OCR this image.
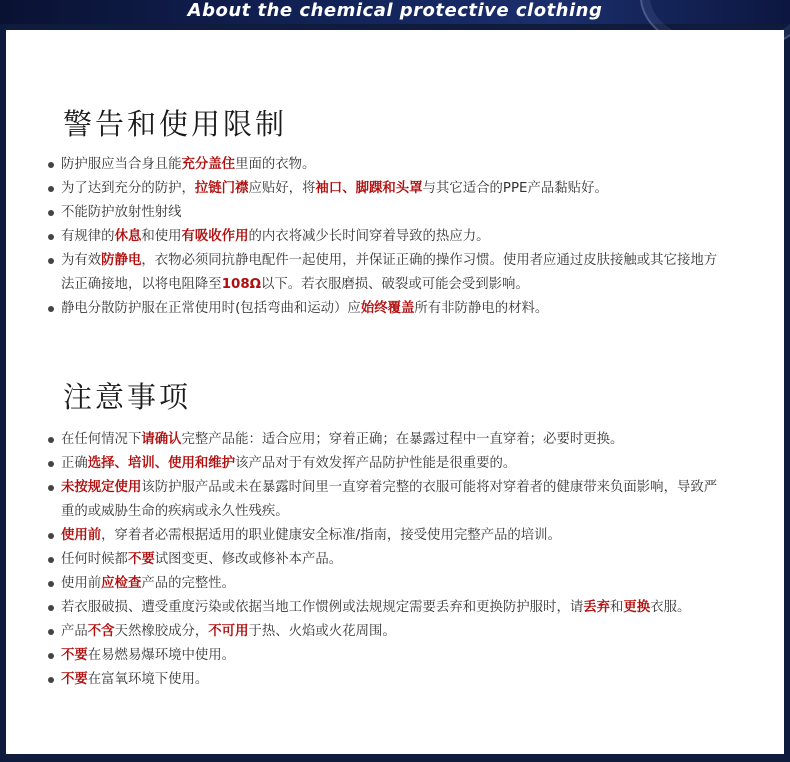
About the chemical protective clothing
警告和使用限制
防护服应当合身且能充分盖住里面的衣物。
为了达到充分的防护，拉链门襟应贴好，将袖口、脚踝和头罩与其它适合的PPE产品黏贴好。
不能防护放射性射线
有规律的休息和使用有吸收作用的内衣将减少长时间穿着导致的热应力。
为有效防静电，衣物必须同抗静电配件一起使用，并保证正确的操作习惯。使用者应通过皮肤接触或其它接地方法正确接地，以将电阻降至108Ω以下。若衣服磨损、破裂或可能会受到影响。
静电分散防护服在正常使用时(包括弯曲和运动）应始终覆盖所有非防静电的材料。
注意事项
在任何情况下请确认完整产品能：适合应用；穿着正确；在暴露过程中一直穿着；必要时更换。
正确选择、培训、使用和维护该产品对于有效发挥产品防护性能是很重要的。
未按规定使用该防护服产品或未在暴露时间里一直穿着完整的衣服可能将对穿着者的健康带来负面影响，导致严重的或威胁生命的疾病或永久性残疾。
使用前，穿着者必需根据适用的职业健康安全标准/指南，接受使用完整产品的培训。
任何时候都不要试图变更、修改或修补本产品。
使用前应检查产品的完整性。
若衣服破损、遭受重度污染或依据当地工作惯例或法规规定需要丢弃和更换防护服时，请丢弃和更换衣服。
产品不含天然橡胶成分，不可用于热、火焰或火花周围。
不要在易燃易爆环境中使用。
不要在富氧环境下使用。
